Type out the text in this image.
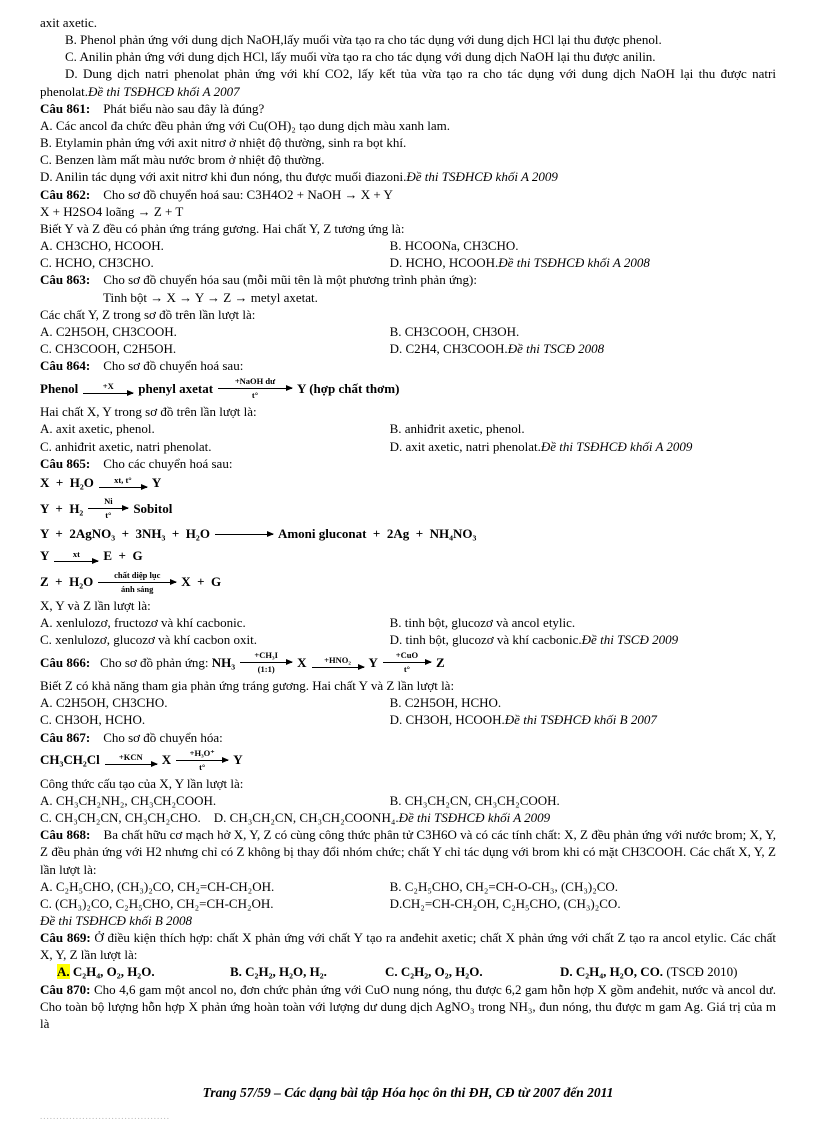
axit axetic.
B. Phenol phản ứng với dung dịch NaOH,lấy muối vừa tạo ra cho tác dụng với dung dịch HCl lại thu được phenol.
C. Anilin phản ứng với dung dịch HCl, lấy muối vừa tạo ra cho tác dụng với dung dịch NaOH lại thu được anilin.
D. Dung dịch natri phenolat phản ứng với khí CO2, lấy kết tủa vừa tạo ra cho tác dụng với dung dịch NaOH lại thu được natri phenolat.Đề thi TSĐHCĐ khối A 2007
Câu 861:    Phát biểu nào sau đây là đúng?
A. Các ancol đa chức đều phản ứng với Cu(OH)₂ tạo dung dịch màu xanh lam.
B. Etylamin phản ứng với axit nitrơ ở nhiệt độ thường, sinh ra bọt khí.
C. Benzen làm mất màu nước brom ở nhiệt độ thường.
D. Anilin tác dụng với axit nitrơ khi đun nóng, thu được muối điazoni.Đề thi TSĐHCĐ khối A 2009
Câu 862:    Cho sơ đồ chuyển hoá sau: C3H4O2 + NaOH → X + Y
X + H2SO4 loãng → Z + T
Biết Y và Z đều có phản ứng tráng gương. Hai chất Y, Z tương ứng là:
A. CH3CHO, HCOOH.	B. HCOONa, CH3CHO.
C. HCHO, CH3CHO.	D. HCHO, HCOOH.Đề thi TSĐHCĐ khối A 2008
Câu 863:    Cho sơ đồ chuyển hóa sau (mỗi mũi tên là một phương trình phản ứng):
Tinh bột → X → Y → Z → metyl axetat.
Các chất Y, Z trong sơ đồ trên lần lượt là:
A. C2H5OH, CH3COOH.	B. CH3COOH, CH3OH.
C. CH3COOH, C2H5OH.	D. C2H4, CH3COOH.Đề thi TSCĐ 2008
Câu 864:    Cho sơ đồ chuyển hoá sau:
Phenol	+X phenyl axetat	+NaOH dư
t°	Y (hợp chất thơm)
Hai chất X, Y trong sơ đồ trên lần lượt là:
A. axit axetic, phenol.	B. anhiđrit axetic, phenol.
C. anhiđrit axetic, natri phenolat.	D. axit axetic, natri phenolat.Đề thi TSĐHCĐ khối A 2009
Câu 865:    Cho các chuyển hoá sau:
X  +  H₂O xt, t° Y
Y  +  H₂ Ni
t° Sobitol
Y  +  2AgNO₃  +  3NH₃  +  H₂O	Amoni gluconat  +  2Ag  +  NH₄NO₃
Y	xt E  +  G
Z  +  H₂O chất diệp lục
ánh sáng X  +  G
X, Y và Z lần lượt là:
A. xenlulozơ, fructozơ và khí cacbonic.	B. tinh bột, glucozơ và ancol etylic.
C. xenlulozơ, glucozơ và khí cacbon oxit.	D. tinh bột, glucozơ và khí cacbonic.Đề thi TSCĐ 2009
Câu 866: Cho sơ đồ phản ứng: NH₃ +CH₃I
(1:1) X +HNO₂ Y +CuO
t° Z
Biết Z có khả năng tham gia phản ứng tráng gương. Hai chất Y và Z lần lượt là:
A. C2H5OH, CH3CHO.	B. C2H5OH, HCHO.
C. CH3OH, HCHO.	D. CH3OH, HCOOH.Đề thi TSĐHCĐ khối B 2007
Câu 867:    Cho sơ đồ chuyển hóa:
CH₃CH₂Cl +KCN X +H₃O⁺
t° Y
Công thức cấu tạo của X, Y lần lượt là:
A. CH₃CH₂NH₂, CH₃CH₂COOH.	B. CH₃CH₂CN, CH₃CH₂COOH.
C. CH₃CH₂CN, CH₃CH₂CHO.    D. CH₃CH₂CN, CH₃CH₂COONH₄.Đề thi TSĐHCĐ khối A 2009
Câu 868:    Ba chất hữu cơ mạch hở X, Y, Z có cùng công thức phân tử C3H6O và có các tính chất: X, Z đều phản ứng với nước brom; X, Y, Z đều phản ứng với H2 nhưng chỉ có Z không bị thay đổi nhóm chức; chất Y chỉ tác dụng với brom khi có mặt CH3COOH. Các chất X, Y, Z lần lượt là:
A. C₂H₅CHO, (CH₃)₂CO, CH₂=CH-CH₂OH.	B. C₂H₅CHO, CH₂=CH-O-CH₃, (CH₃)₂CO.
C. (CH₃)₂CO, C₂H₅CHO, CH₂=CH-CH₂OH.	D.CH₂=CH-CH₂OH, C₂H₅CHO, (CH₃)₂CO.
Đề thi TSĐHCĐ khối B 2008
Câu 869: Ở điều kiện thích hợp: chất X phản ứng với chất Y tạo ra anđehit axetic; chất X phản ứng với chất Z tạo ra ancol etylic. Các chất X, Y, Z lần lượt là:
A. C₂H₄, O₂, H₂O.	B. C₂H₂, H₂O, H₂.	C. C₂H₂, O₂, H₂O.	D. C₂H₄, H₂O, CO. (TSCĐ 2010)
Câu 870: Cho 4,6 gam một ancol no, đơn chức phản ứng với CuO nung nóng, thu được 6,2 gam hỗn hợp X gồm anđehit, nước và ancol dư. Cho toàn bộ lượng hỗn hợp X phản ứng hoàn toàn với lượng dư dung dịch AgNO₃ trong NH₃, đun nóng, thu được m gam Ag. Giá trị của m là
Trang 57/59 – Các dạng bài tập Hóa học ôn thi ĐH, CĐ từ 2007 đến 2011
........................................
